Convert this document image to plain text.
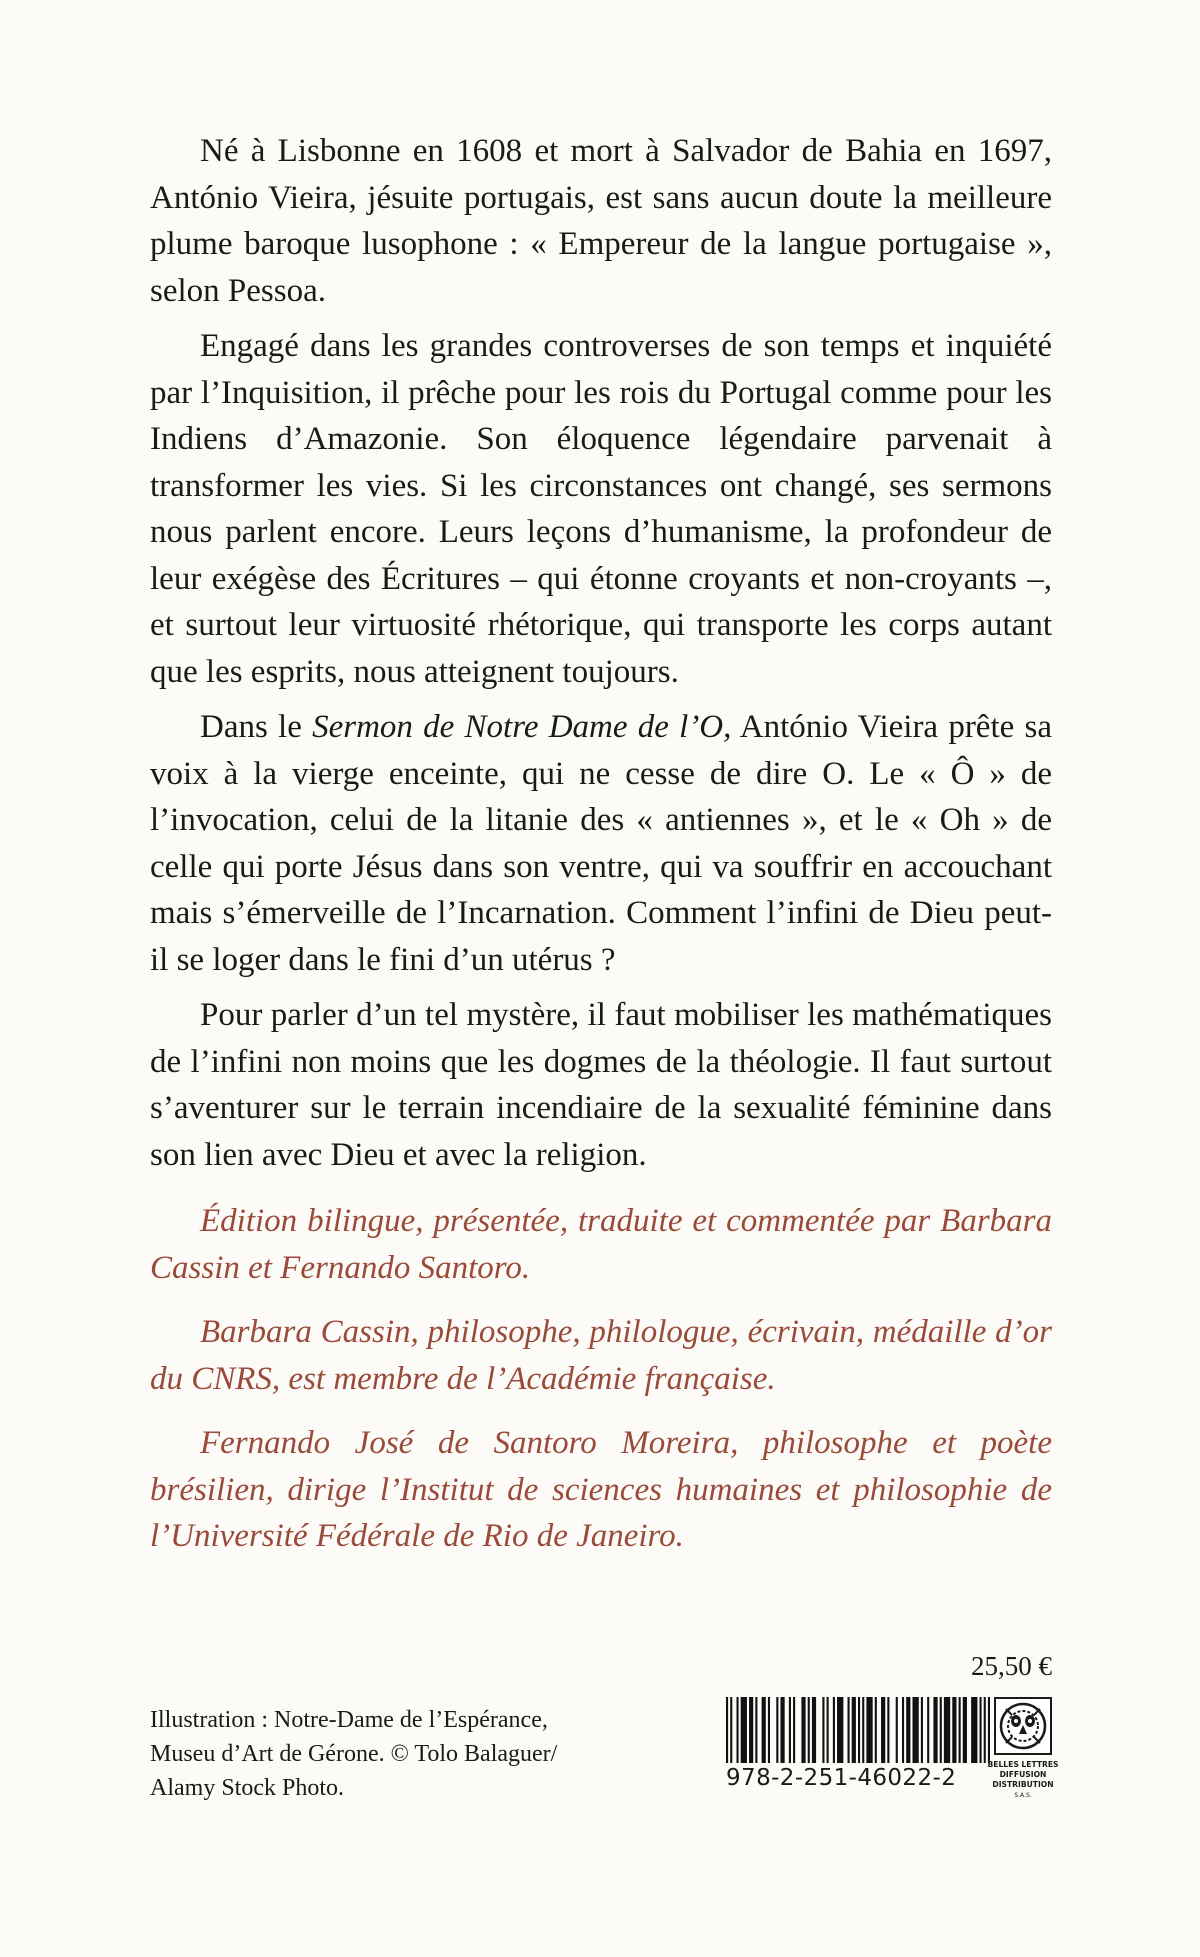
Né à Lisbonne en 1608 et mort à Salvador de Bahia en 1697, António Vieira, jésuite portugais, est sans aucun doute la meilleure plume baroque lusophone : « Empereur de la langue portugaise », selon Pessoa.

Engagé dans les grandes controverses de son temps et inquiété par l’Inquisition, il prêche pour les rois du Portugal comme pour les Indiens d’Amazonie. Son éloquence légendaire parvenait à transformer les vies. Si les circonstances ont changé, ses sermons nous parlent encore. Leurs leçons d’humanisme, la profondeur de leur exégèse des Écritures – qui étonne croyants et non-croyants –, et surtout leur virtuosité rhétorique, qui transporte les corps autant que les esprits, nous atteignent toujours.

Dans le Sermon de Notre Dame de l’O, António Vieira prête sa voix à la vierge enceinte, qui ne cesse de dire O. Le « Ô » de l’invocation, celui de la litanie des « antiennes », et le « Oh » de celle qui porte Jésus dans son ventre, qui va souffrir en accouchant mais s’émerveille de l’Incarnation. Comment l’infini de Dieu peut-il se loger dans le fini d’un utérus ?

Pour parler d’un tel mystère, il faut mobiliser les mathématiques de l’infini non moins que les dogmes de la théologie. Il faut surtout s’aventurer sur le terrain incendiaire de la sexualité féminine dans son lien avec Dieu et avec la religion.

Édition bilingue, présentée, traduite et commentée par Barbara Cassin et Fernando Santoro.

Barbara Cassin, philosophe, philologue, écrivain, médaille d’or du CNRS, est membre de l’Académie française.

Fernando José de Santoro Moreira, philosophe et poète brésilien, dirige l’Institut de sciences humaines et philosophie de l’Université Fédérale de Rio de Janeiro.

Illustration : Notre-Dame de l’Espérance,
Museu d’Art de Gérone. © Tolo Balaguer/
Alamy Stock Photo.
25,50 €
978-2-251-46022-2
BELLES LETTRES
DIFFUSION
DISTRIBUTION
S.A.S.
